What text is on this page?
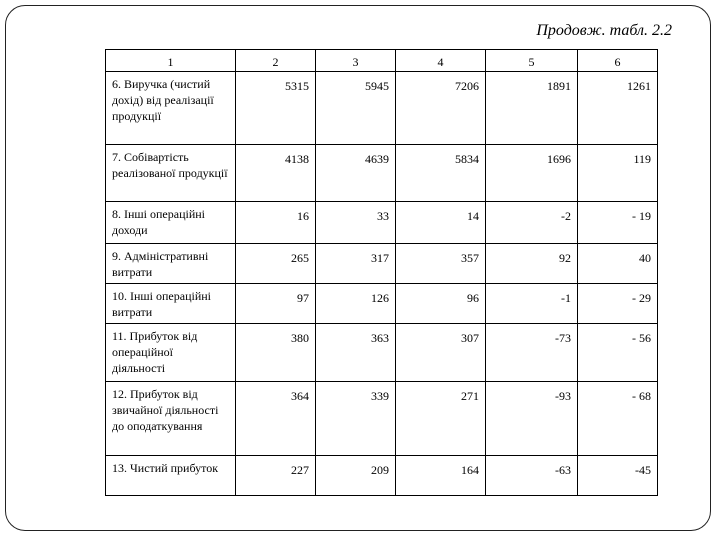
Продовж. табл. 2.2
1	2	3	4	5	6
6. Виручка (чистий дохід) від реалізації продукції	5315	5945	7206	1891	1261
7. Собівартість реалізованої продукції	4138	4639	5834	1696	119
8. Інші операційні доходи	16	33	14	-2	- 19
9. Адміністративні витрати	265	317	357	92	40
10. Інші операційні витрати	97	126	96	-1	- 29
11. Прибуток від операційної діяльності	380	363	307	-73	- 56
12. Прибуток від звичайної діяльності до оподаткування	364	339	271	-93	- 68
13. Чистий прибуток	227	209	164	-63	-45
